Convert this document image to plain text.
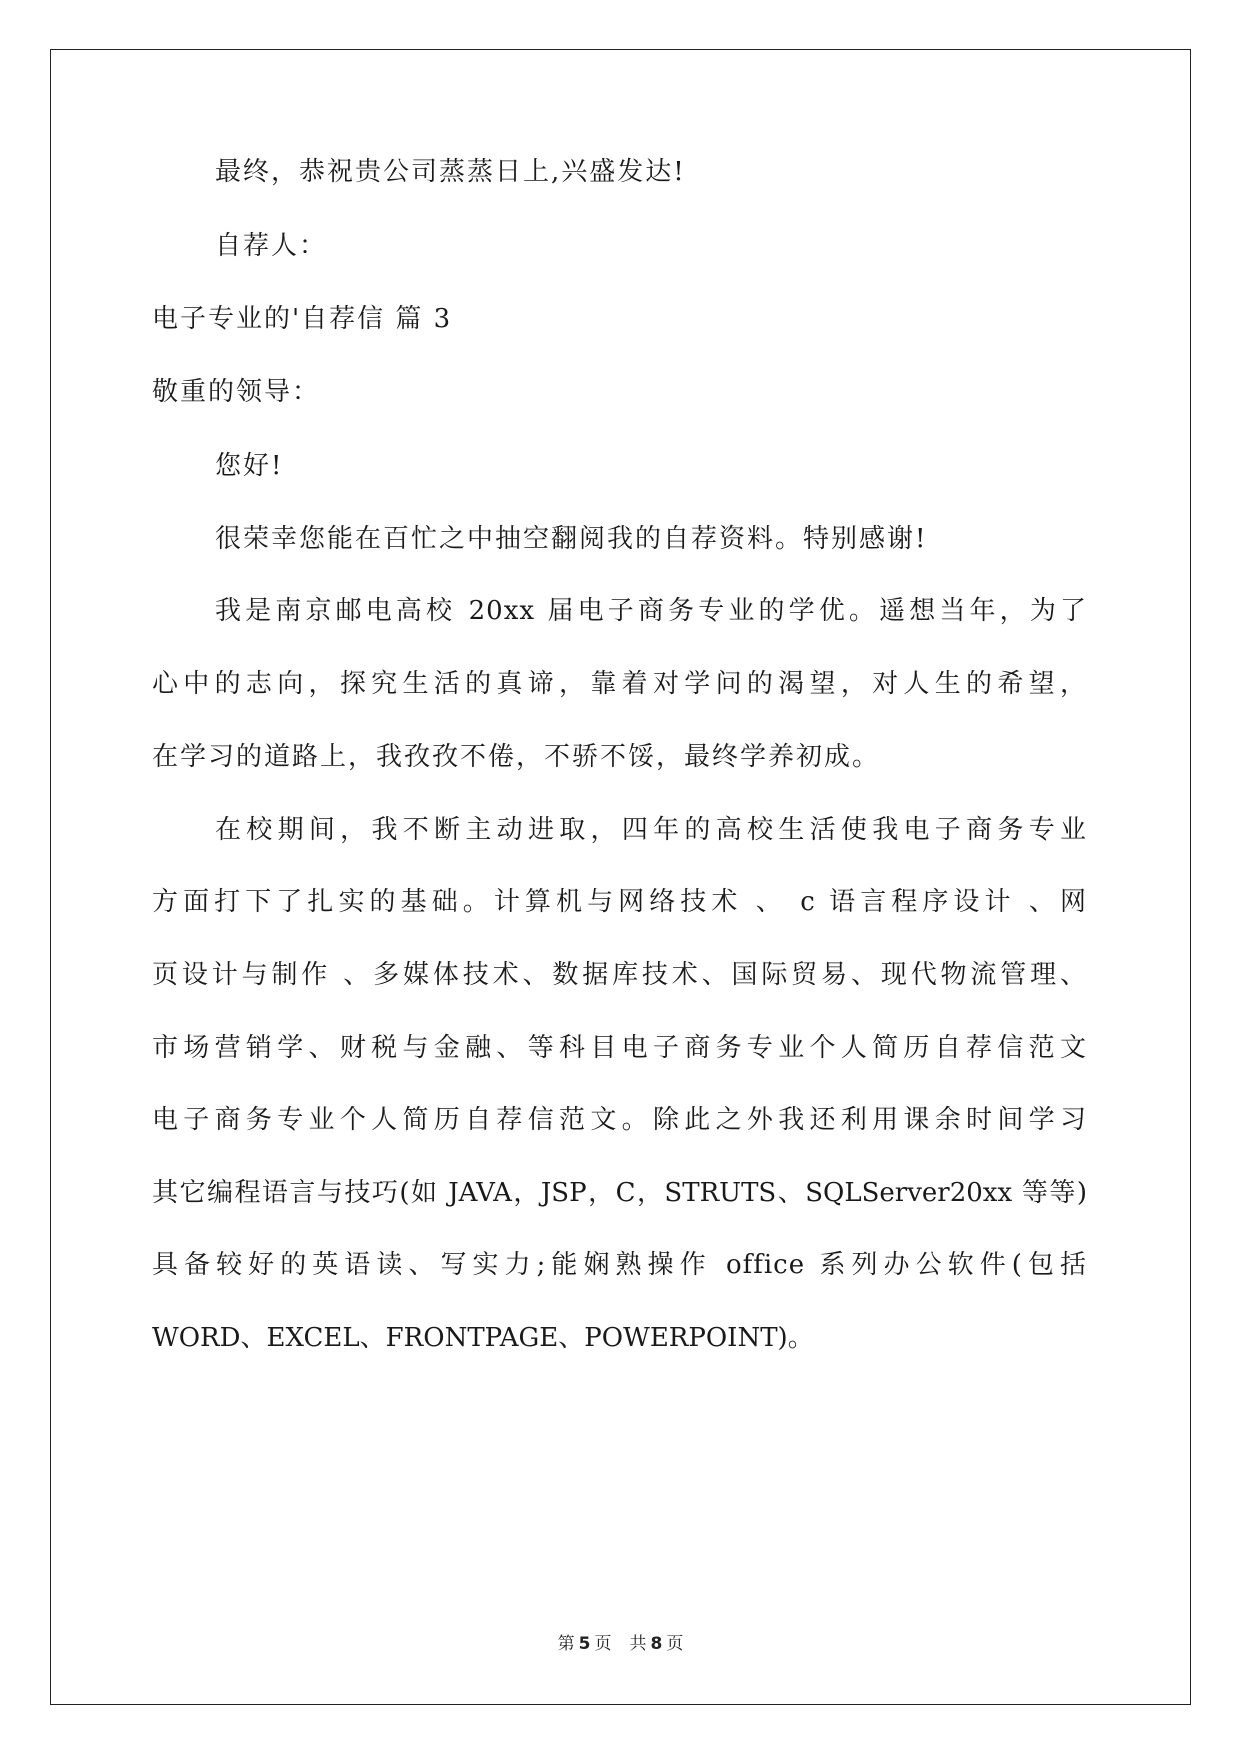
最终，恭祝贵公司蒸蒸日上,兴盛发达!
自荐人：
电子专业的'自荐信 篇 3
敬重的领导：
您好!
很荣幸您能在百忙之中抽空翻阅我的自荐资料。特别感谢!
我是南京邮电高校 20xx 届电子商务专业的学优。遥想当年，为了
心中的志向，探究生活的真谛，靠着对学问的渴望，对人生的希望，
在学习的道路上，我孜孜不倦，不骄不馁，最终学养初成。
在校期间，我不断主动进取，四年的高校生活使我电子商务专业
方面打下了扎实的基础。计算机与网络技术 、 c 语言程序设计 、网
页设计与制作 、多媒体技术、数据库技术、国际贸易、现代物流管理、
市场营销学、财税与金融、等科目电子商务专业个人简历自荐信范文
电子商务专业个人简历自荐信范文。除此之外我还利用课余时间学习
其它编程语言与技巧(如 JAVA，JSP，C，STRUTS、SQLServer20xx 等等)
具备较好的英语读、写实力;能娴熟操作 office 系列办公软件(包括
WORD、EXCEL、FRONTPAGE、POWERPOINT)。
第 5 页 共 8 页
